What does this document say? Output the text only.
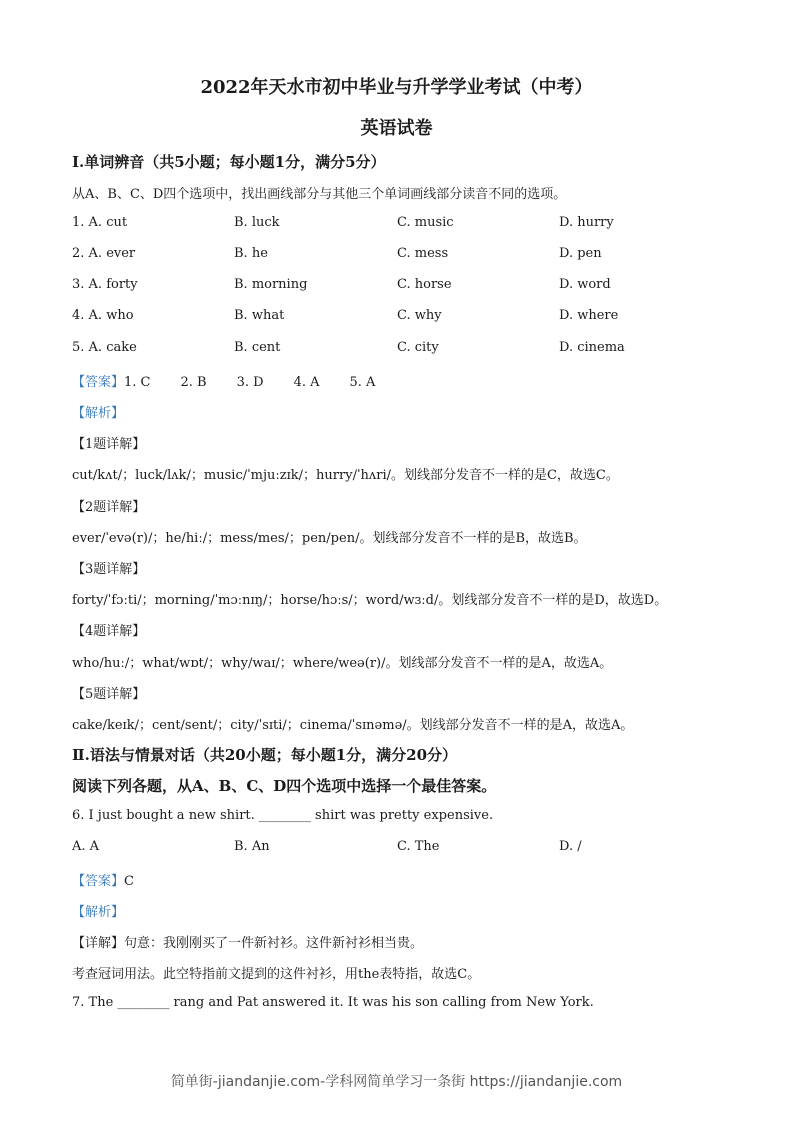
2022年天水市初中毕业与升学学业考试（中考）
英语试卷
Ⅰ.单词辨音（共5小题；每小题1分，满分5分）
从A、B、C、D四个选项中，找出画线部分与其他三个单词画线部分读音不同的选项。
1. A. cut	B. luck	C. music	D. hurry
2. A. ever	B. he	C. mess	D. pen
3. A. forty	B. morning	C. horse	D. word
4. A. who	B. what	C. why	D. where
5. A. cake	B. cent	C. city	D. cinema
【答案】1. C 2. B 3. D 4. A 5. A
【解析】
【1题详解】
cut/kʌt/；luck/lʌk/；music/ˈmjuːzɪk/；hurry/ˈhʌri/。划线部分发音不一样的是C，故选C。
【2题详解】
ever/ˈevə(r)/；he/hiː/；mess/mes/；pen/pen/。划线部分发音不一样的是B，故选B。
【3题详解】
forty/ˈfɔːti/；morning/ˈmɔːnɪŋ/；horse/hɔːs/；word/wɜːd/。划线部分发音不一样的是D，故选D。
【4题详解】
who/huː/；what/wɒt/；why/waɪ/；where/weə(r)/。划线部分发音不一样的是A，故选A。
【5题详解】
cake/keɪk/；cent/sent/；city/ˈsɪti/；cinema/ˈsɪnəmə/。划线部分发音不一样的是A，故选A。
Ⅱ.语法与情景对话（共20小题；每小题1分，满分20分）
阅读下列各题，从A、B、C、D四个选项中选择一个最佳答案。
6. I just bought a new shirt. ________ shirt was pretty expensive.
A. A	B. An	C. The	D. /
【答案】C
【解析】
【详解】句意：我刚刚买了一件新衬衫。这件新衬衫相当贵。
考查冠词用法。此空特指前文提到的这件衬衫，用the表特指，故选C。
7. The ________ rang and Pat answered it. It was his son calling from New York.
简单街-jiandanjie.com-学科网简单学习一条街 https://jiandanjie.com
